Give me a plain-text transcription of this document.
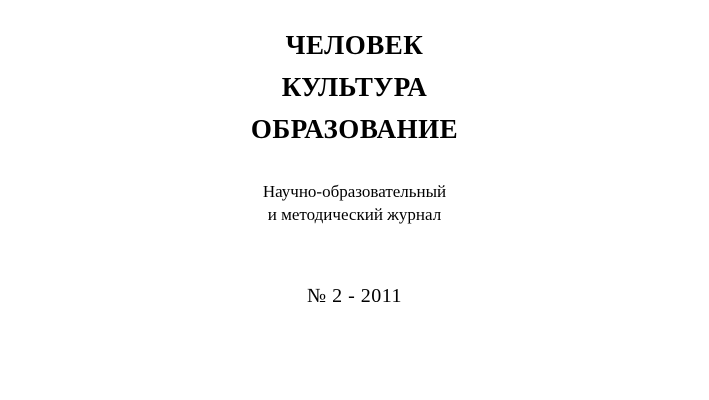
ЧЕЛОВЕК
КУЛЬТУРА
ОБРАЗОВАНИЕ
Научно-образовательный
и методический журнал
№ 2 - 2011
